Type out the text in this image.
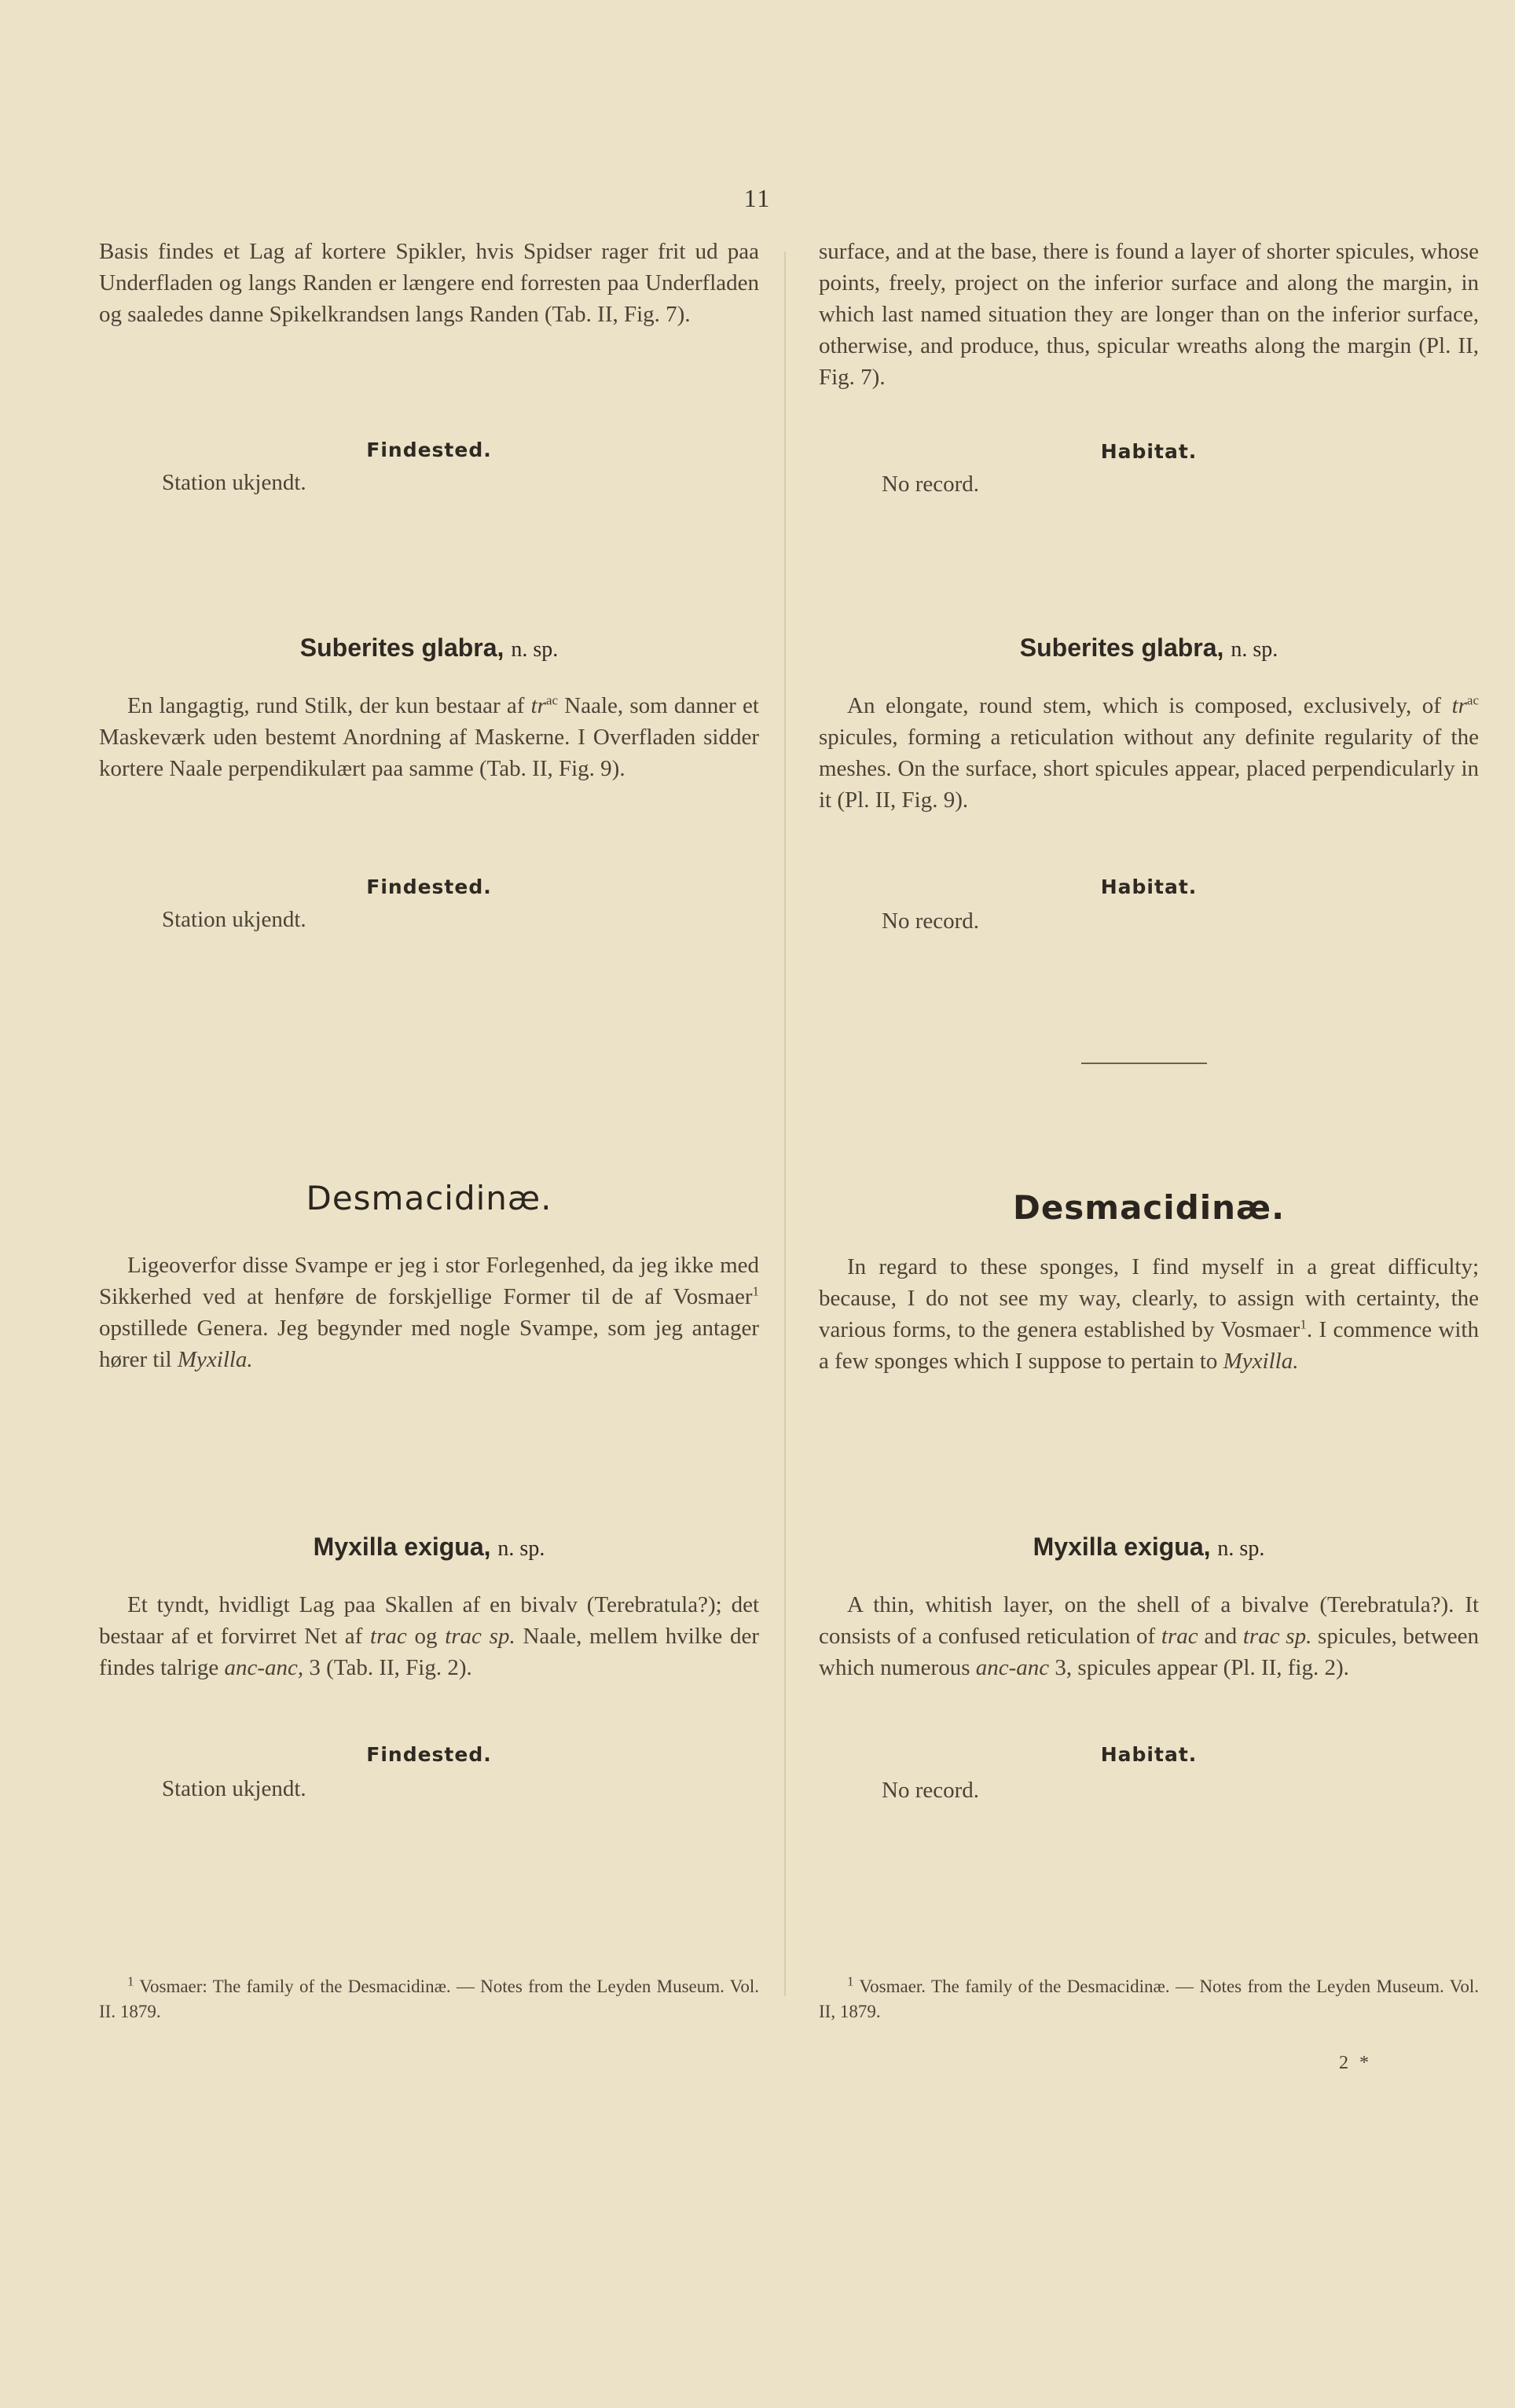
11

Basis findes et Lag af kortere Spikler, hvis Spidser rager frit ud paa Underfladen og langs Randen er længere end forresten paa Underfladen og saaledes danne Spikelkrandsen langs Randen (Tab. II, Fig. 7).

Findested.
Station ukjendt.
Suberites glabra, n. sp.

En langagtig, rund Stilk, der kun bestaar af $tr^{ac}$ Naale, som danner et Maskeværk uden bestemt Anordning af Maskerne. I Overfladen sidder kortere Naale perpendikulært paa samme (Tab. II, Fig. 9).

Findested.
Station ukjendt.
Desmacidinæ.

Ligeoverfor disse Svampe er jeg i stor Forlegenhed, da jeg ikke med Sikkerhed ved at henføre de forskjellige Former til de af Vosmaer$^1$ opstillede Genera. Jeg begynder med nogle Svampe, som jeg antager hører til Myxilla.

Myxilla exigua, n. sp.

Et tyndt, hvidligt Lag paa Skallen af en bivalv (Terebratula?); det bestaar af et forvirret Net af trac og trac sp. Naale, mellem hvilke der findes talrige anc-anc, 3 (Tab. II, Fig. 2).

Findested.
Station ukjendt.

$^1$ Vosmaer: The family of the Desmacidinæ. — Notes from the Leyden Museum. Vol. II. 1879.

surface, and at the base, there is found a layer of shorter spicules, whose points, freely, project on the inferior surface and along the margin, in which last named situation they are longer than on the inferior surface, otherwise, and produce, thus, spicular wreaths along the margin (Pl. II, Fig. 7).

Habitat.
No record.
Suberites glabra, n. sp.

An elongate, round stem, which is composed, exclusively, of $tr^{ac}$ spicules, forming a reticulation without any definite regularity of the meshes. On the surface, short spicules appear, placed perpendicularly in it (Pl. II, Fig. 9).

Habitat.
No record.
Desmacidinæ.

In regard to these sponges, I find myself in a great difficulty; because, I do not see my way, clearly, to assign with certainty, the various forms, to the genera established by Vosmaer$^1$. I commence with a few sponges which I suppose to pertain to Myxilla.

Myxilla exigua, n. sp.

A thin, whitish layer, on the shell of a bivalve (Terebratula?). It consists of a confused reticulation of trac and trac sp. spicules, between which numerous anc-anc 3, spicules appear (Pl. II, fig. 2).

Habitat.
No record.

$^1$ Vosmaer. The family of the Desmacidinæ. — Notes from the Leyden Museum. Vol. II, 1879.

2 *
